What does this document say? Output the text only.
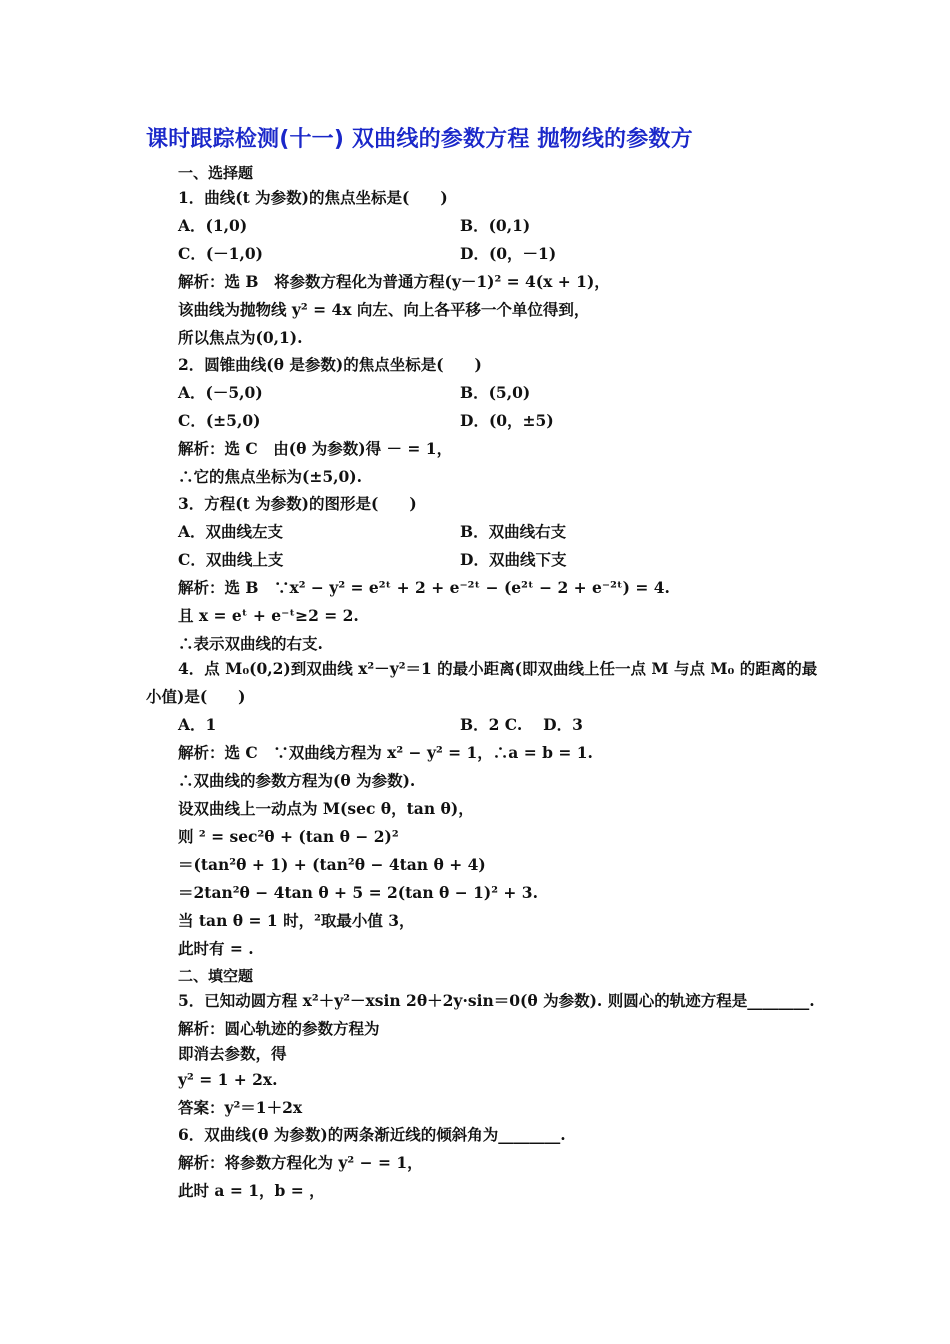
课时跟踪检测(十一) 双曲线的参数方程 抛物线的参数方
一、选择题
1．曲线(t 为参数)的焦点坐标是(　　)
A．(1,0)	B．(0,1)
C．(－1,0)	D．(0，－1)
解析：选 B　将参数方程化为普通方程(y－1)² = 4(x + 1)，
该曲线为抛物线 y² = 4x 向左、向上各平移一个单位得到，
所以焦点为(0,1).
2．圆锥曲线(θ 是参数)的焦点坐标是(　　)
A．(－5,0)	B．(5,0)
C．(±5,0)	D．(0，±5)
解析：选 C　由(θ 为参数)得 － = 1，
∴它的焦点坐标为(±5,0).
3．方程(t 为参数)的图形是(　　)
A．双曲线左支	B．双曲线右支
C．双曲线上支	D．双曲线下支
解析：选 B　∵x² − y² = e²ᵗ + 2 + e⁻²ᵗ − (e²ᵗ − 2 + e⁻²ᵗ) = 4.
且 x = eᵗ + e⁻ᵗ≥2 = 2.
∴表示双曲线的右支.
4．点 M₀(0,2)到双曲线 x²－y²＝1 的最小距离(即双曲线上任一点 M 与点 M₀ 的距离的最
小值)是(　　)
A．1	B．2 C.　 D．3
解析：选 C　∵双曲线方程为 x² − y² = 1，∴a = b = 1.
∴双曲线的参数方程为(θ 为参数).
设双曲线上一动点为 M(sec θ，tan θ)，
则 ² = sec²θ + (tan θ − 2)²
＝(tan²θ + 1) + (tan²θ − 4tan θ + 4)
＝2tan²θ − 4tan θ + 5 = 2(tan θ − 1)² + 3.
当 tan θ = 1 时，²取最小值 3，
此时有 = .
二、填空题
5．已知动圆方程 x²＋y²－xsin 2θ＋2y·sin＝0(θ 为参数). 则圆心的轨迹方程是________.
解析：圆心轨迹的参数方程为
即消去参数，得
y² = 1 + 2x.
答案：y²＝1＋2x
6．双曲线(θ 为参数)的两条渐近线的倾斜角为________.
解析：将参数方程化为 y² − = 1，
此时 a = 1，b = ，
